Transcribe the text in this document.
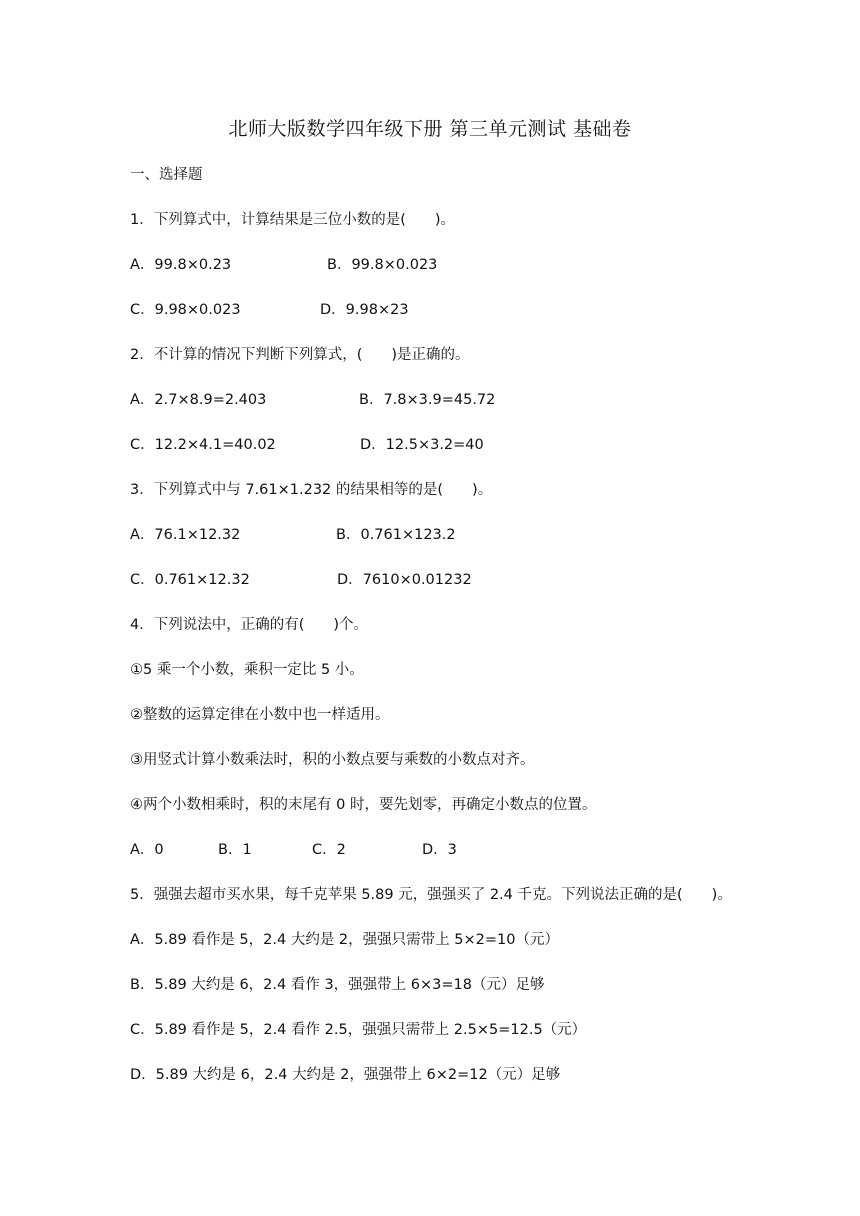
北师大版数学四年级下册 第三单元测试 基础卷
一、选择题
1．下列算式中，计算结果是三位小数的是(　　)。
A．99.8×0.23	B．99.8×0.023
C．9.98×0.023	D．9.98×23
2．不计算的情况下判断下列算式，(　　)是正确的。
A．2.7×8.9=2.403	B．7.8×3.9=45.72
C．12.2×4.1=40.02	D．12.5×3.2=40
3．下列算式中与 7.61×1.232 的结果相等的是(　　)。
A．76.1×12.32	B．0.761×123.2
C．0.761×12.32	D．7610×0.01232
4．下列说法中，正确的有(　　)个。
①5 乘一个小数，乘积一定比 5 小。
②整数的运算定律在小数中也一样适用。
③用竖式计算小数乘法时，积的小数点要与乘数的小数点对齐。
④两个小数相乘时，积的末尾有 0 时，要先划零，再确定小数点的位置。
A．0	B．1	C．2	D．3
5．强强去超市买水果，每千克苹果 5.89 元，强强买了 2.4 千克。下列说法正确的是(　　)。
A．5.89 看作是 5，2.4 大约是 2，强强只需带上 5×2=10（元）
B．5.89 大约是 6，2.4 看作 3，强强带上 6×3=18（元）足够
C．5.89 看作是 5，2.4 看作 2.5，强强只需带上 2.5×5=12.5（元）
D．5.89 大约是 6，2.4 大约是 2，强强带上 6×2=12（元）足够
